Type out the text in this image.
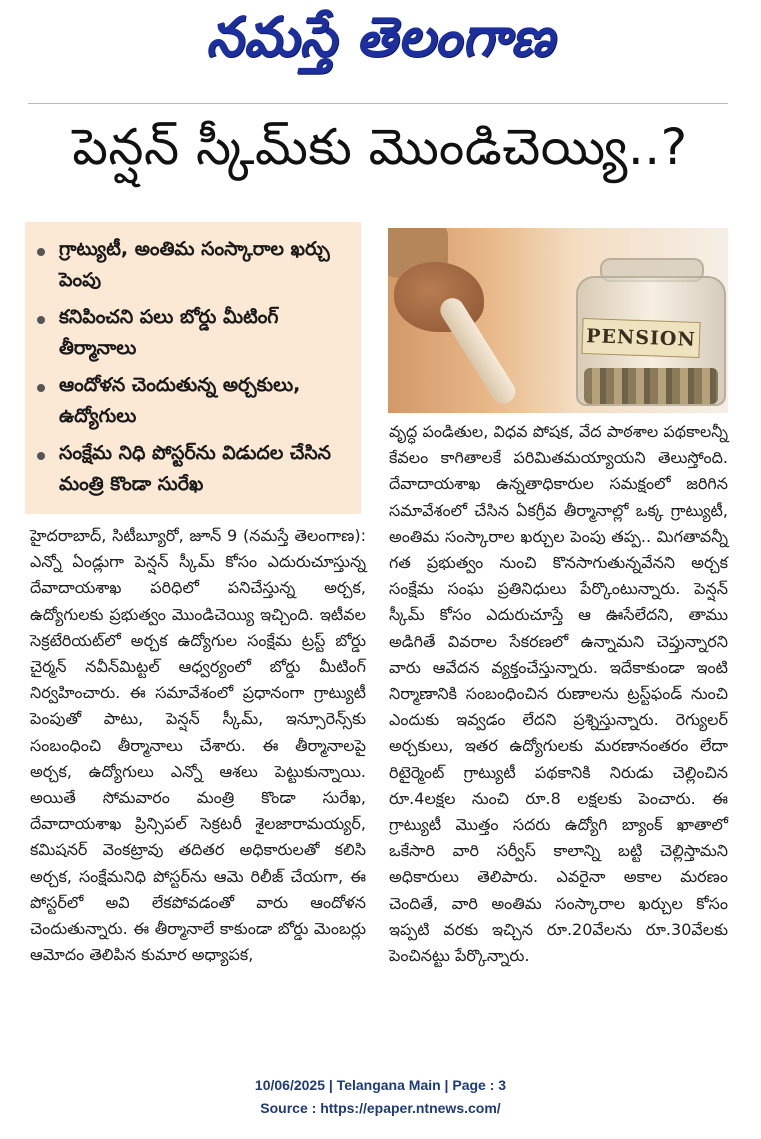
నమస్తే తెలంగాణ
పెన్షన్ స్కీమ్‌కు మొండిచెయ్యి..?
గ్రాట్యుటీ, అంతిమ సంస్కారాల ఖర్చు పెంపు
కనిపించని పలు బోర్డు మీటింగ్ తీర్మానాలు
ఆందోళన చెందుతున్న అర్చకులు, ఉద్యోగులు
సంక్షేమ నిధి పోస్టర్‌ను విడుదల చేసిన మంత్రి కొండా సురేఖ
PENSION
హైదరాబాద్, సిటీబ్యూరో, జూన్ 9 (నమస్తే తెలంగాణ): ఎన్నో ఏండ్లుగా పెన్షన్ స్కీమ్ కోసం ఎదురుచూస్తున్న దేవాదాయశాఖ పరిధిలో పనిచేస్తున్న అర్చక, ఉద్యోగులకు ప్రభుత్వం మొండిచెయ్యి ఇచ్చింది. ఇటీవల సెక్రటేరియట్‌లో అర్చక ఉద్యోగుల సంక్షేమ ట్రస్ట్ బోర్డు చైర్మన్ నవీన్‌మిట్టల్ ఆధ్వర్యంలో బోర్డు మీటింగ్ నిర్వహించారు. ఈ సమావేశంలో ప్రధానంగా గ్రాట్యుటీ పెంపుతో పాటు, పెన్షన్ స్కీమ్, ఇన్సూరెన్స్‌కు సంబంధించి తీర్మానాలు చేశారు. ఈ తీర్మానాలపై అర్చక, ఉద్యోగులు ఎన్నో ఆశలు పెట్టుకున్నాయి. అయితే సోమవారం మంత్రి కొండా సురేఖ, దేవాదాయశాఖ ప్రిన్సిపల్ సెక్రటరీ శైలజారామయ్యర్, కమిషనర్ వెంకట్రావు తదితర అధికారులతో కలిసి అర్చక, సంక్షేమనిధి పోస్టర్‌ను ఆమె రిలీజ్ చేయగా, ఈ పోస్టర్‌లో అవి లేకపోవడంతో వారు ఆందోళన చెందుతున్నారు. ఈ తీర్మానాలే కాకుండా బోర్డు మెంబర్లు ఆమోదం తెలిపిన కుమార అధ్యాపక,
వృద్ధ పండితుల, విధవ పోషక, వేద పాఠశాల పథకాలన్నీ కేవలం కాగితాలకే పరిమితమయ్యాయని తెలుస్తోంది. దేవాదాయశాఖ ఉన్నతాధికారుల సమక్షంలో జరిగిన సమావేశంలో చేసిన ఏకగ్రీవ తీర్మానాల్లో ఒక్క గ్రాట్యుటీ, అంతిమ సంస్కారాల ఖర్చుల పెంపు తప్ప.. మిగతావన్నీ గత ప్రభుత్వం నుంచి కొనసాగుతున్నవేనని అర్చక సంక్షేమ సంఘ ప్రతినిధులు పేర్కొంటున్నారు. పెన్షన్ స్కీమ్ కోసం ఎదురుచూస్తే ఆ ఊసేలేదని, తాము అడిగితే వివరాల సేకరణలో ఉన్నామని చెప్తున్నారని వారు ఆవేదన వ్యక్తంచేస్తున్నారు. ఇదేకాకుండా ఇంటి నిర్మాణానికి సంబంధించిన రుణాలను ట్రస్ట్‌ఫండ్ నుంచి ఎందుకు ఇవ్వడం లేదని ప్రశ్నిస్తున్నారు. రెగ్యులర్ అర్చకులు, ఇతర ఉద్యోగులకు మరణానంతరం లేదా రిటైర్మెంట్ గ్రాట్యుటీ పథకానికి నిరుడు చెల్లించిన రూ.4లక్షల నుంచి రూ.8 లక్షలకు పెంచారు. ఈ గ్రాట్యుటీ మొత్తం సదరు ఉద్యోగి బ్యాంక్ ఖాతాలో ఒకేసారి వారి సర్వీస్ కాలాన్ని బట్టి చెల్లిస్తామని అధికారులు తెలిపారు. ఎవరైనా అకాల మరణం చెందితే, వారి అంతిమ సంస్కారాల ఖర్చుల కోసం ఇప్పటి వరకు ఇచ్చిన రూ.20వేలను రూ.30వేలకు పెంచినట్టు పేర్కొన్నారు.
10/06/2025 | Telangana Main | Page : 3
Source : https://epaper.ntnews.com/
